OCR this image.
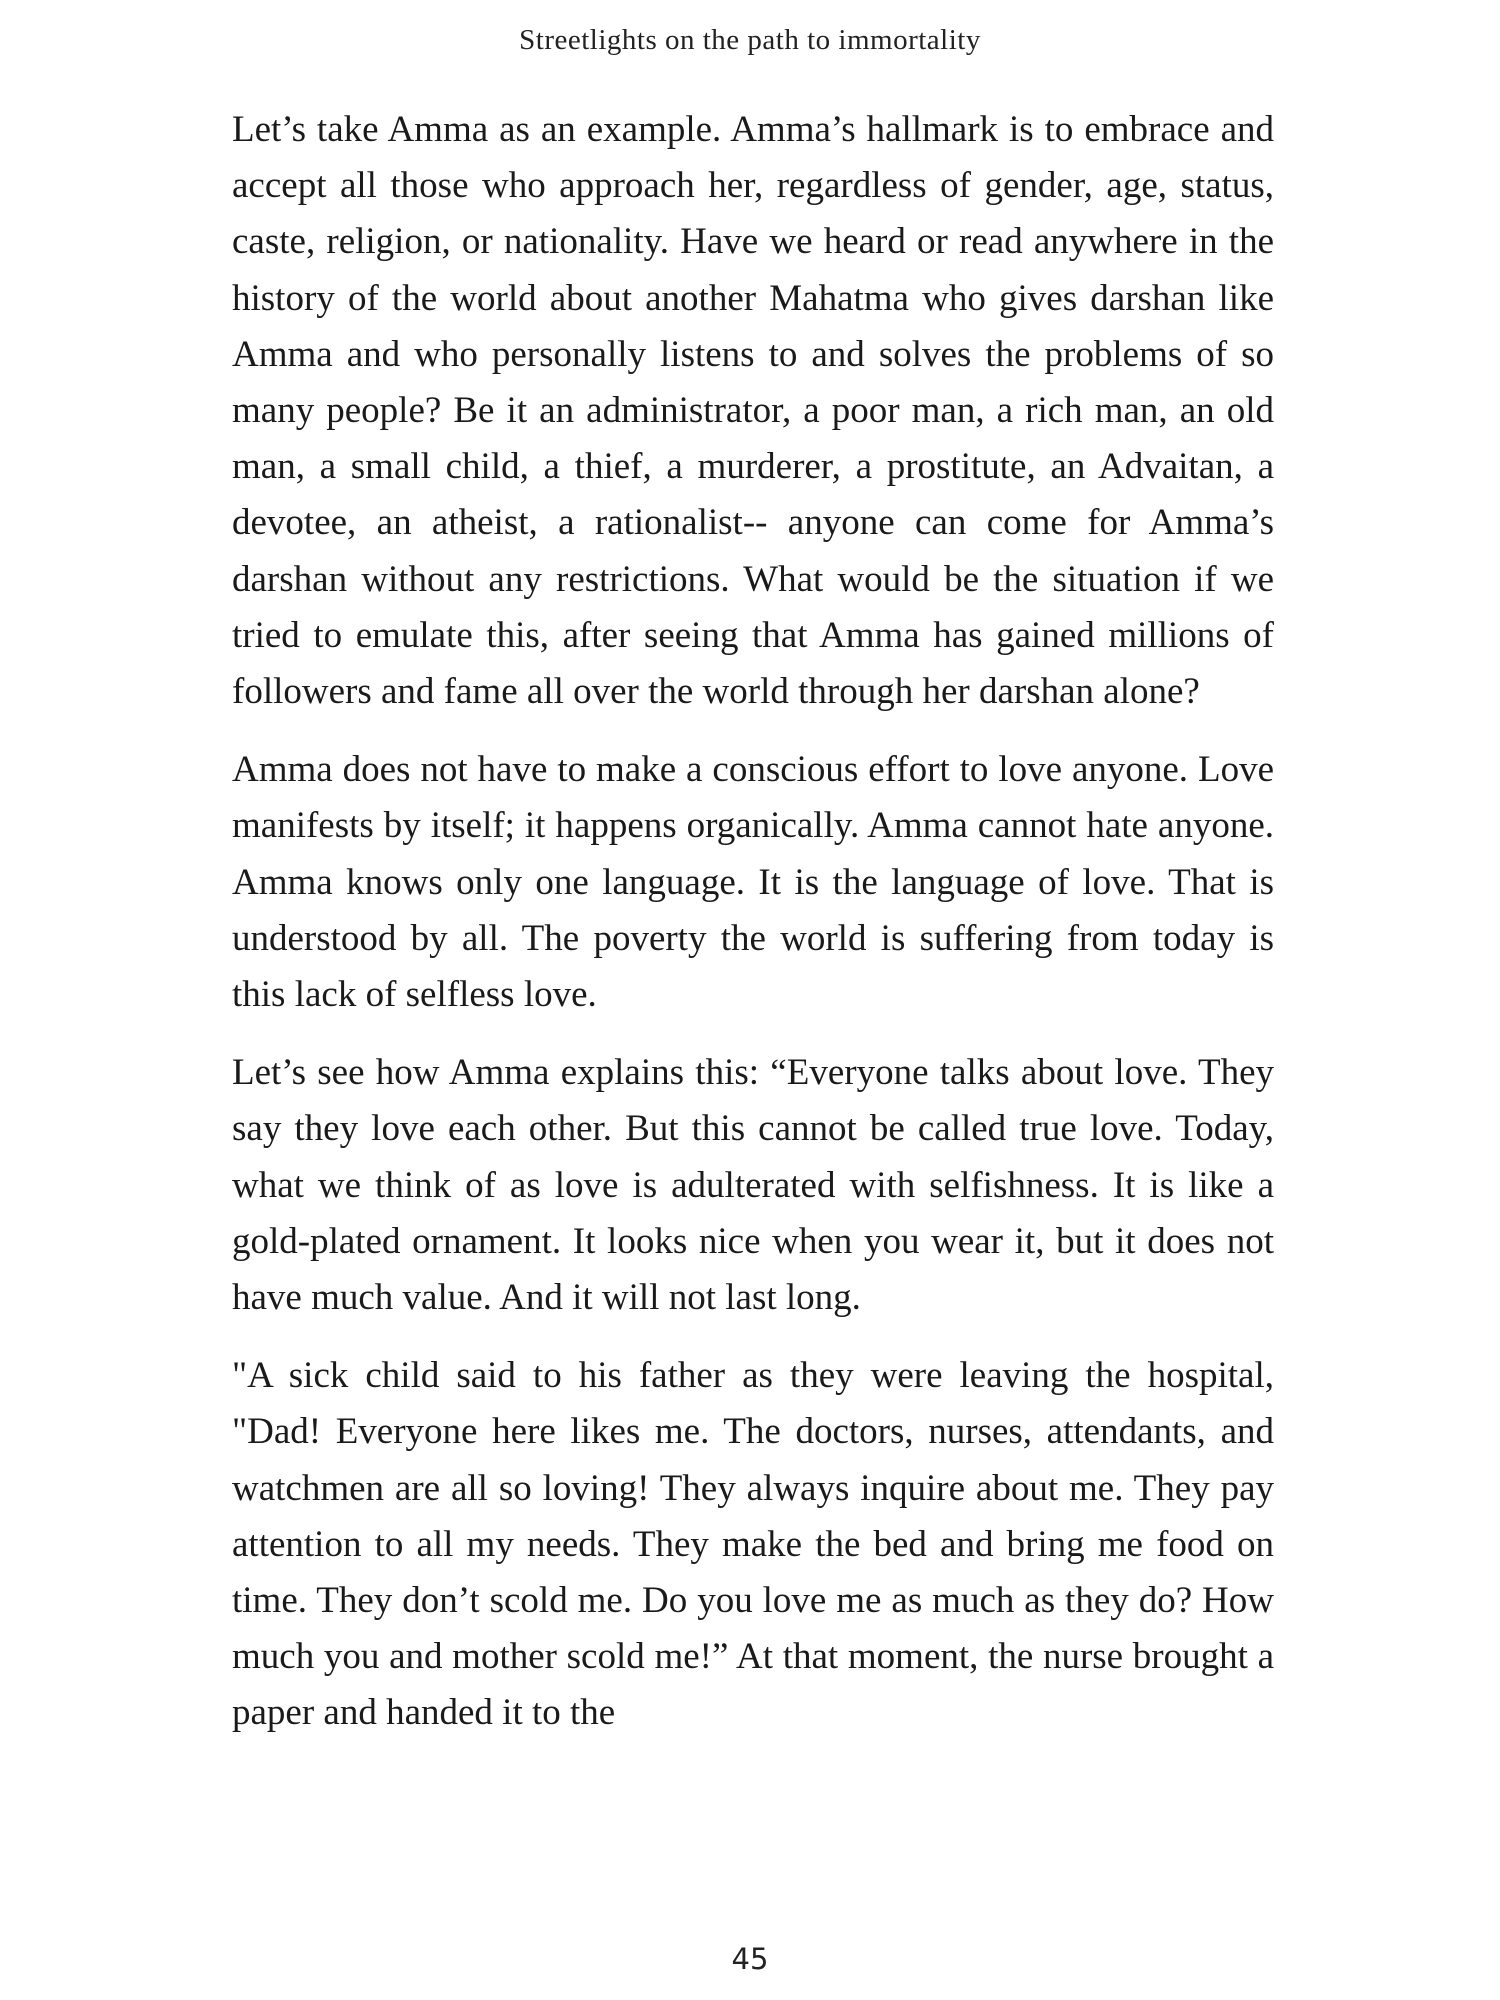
Streetlights on the path to immortality

Let’s take Amma as an example. Amma’s hallmark is to embrace and accept all those who approach her, regardless of gender, age, status, caste, religion, or nationality. Have we heard or read anywhere in the history of the world about another Mahatma who gives darshan like Amma and who personally listens to and solves the problems of so many people? Be it an administrator, a poor man, a rich man, an old man, a small child, a thief, a murderer, a prostitute, an Advaitan, a devotee, an atheist, a rationalist-- anyone can come for Amma’s darshan without any restrictions. What would be the situation if we tried to emulate this, after seeing that Amma has gained millions of followers and fame all over the world through her darshan alone?

Amma does not have to make a conscious effort to love anyone. Love manifests by itself; it happens organically. Amma cannot hate anyone. Amma knows only one language. It is the language of love. That is understood by all. The poverty the world is suffering from today is this lack of selfless love.

Let’s see how Amma explains this: “Everyone talks about love. They say they love each other. But this cannot be called true love. Today, what we think of as love is adulterated with selfishness. It is like a gold-plated ornament. It looks nice when you wear it, but it does not have much value. And it will not last long.

"A sick child said to his father as they were leaving the hospital, "Dad! Everyone here likes me. The doctors, nurses, attendants, and watchmen are all so loving! They always inquire about me. They pay attention to all my needs. They make the bed and bring me food on time. They don’t scold me. Do you love me as much as they do? How much you and mother scold me!” At that moment, the nurse brought a paper and handed it to the

45
